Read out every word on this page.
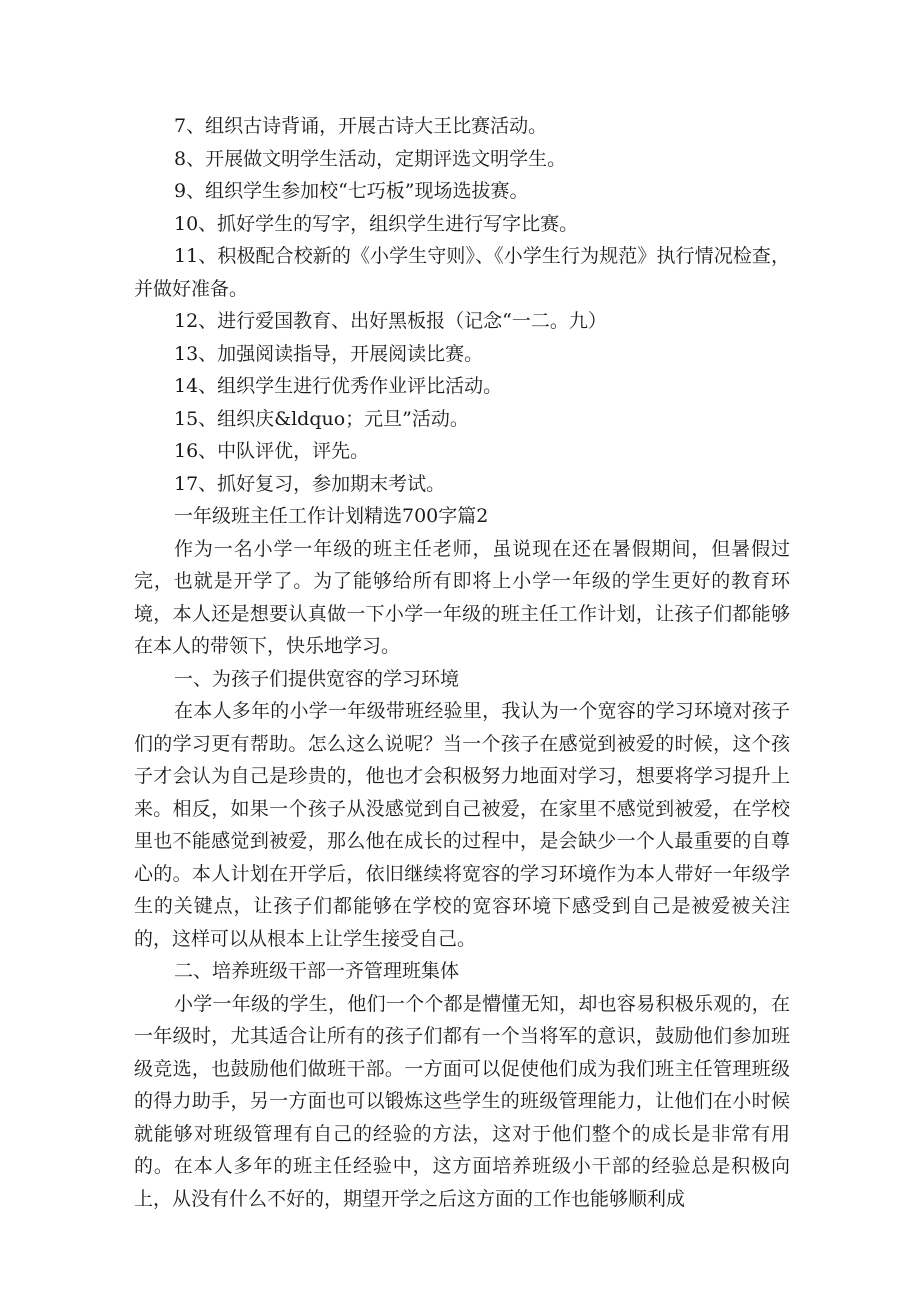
7、组织古诗背诵，开展古诗大王比赛活动。

8、开展做文明学生活动，定期评选文明学生。

9、组织学生参加校“七巧板”现场选拔赛。

10、抓好学生的写字，组织学生进行写字比赛。

11、积极配合校新的《小学生守则》、《小学生行为规范》执行情况检查，并做好准备。

12、进行爱国教育、出好黑板报（记念“一二。九）

13、加强阅读指导，开展阅读比赛。

14、组织学生进行优秀作业评比活动。

15、组织庆&ldquo；元旦”活动。

16、中队评优，评先。

17、抓好复习，参加期末考试。

一年级班主任工作计划精选700字篇2

作为一名小学一年级的班主任老师，虽说现在还在暑假期间，但暑假过完，也就是开学了。为了能够给所有即将上小学一年级的学生更好的教育环境，本人还是想要认真做一下小学一年级的班主任工作计划，让孩子们都能够在本人的带领下，快乐地学习。

一、为孩子们提供宽容的学习环境

在本人多年的小学一年级带班经验里，我认为一个宽容的学习环境对孩子们的学习更有帮助。怎么这么说呢？当一个孩子在感觉到被爱的时候，这个孩子才会认为自己是珍贵的，他也才会积极努力地面对学习，想要将学习提升上来。相反，如果一个孩子从没感觉到自己被爱，在家里不感觉到被爱，在学校里也不能感觉到被爱，那么他在成长的过程中，是会缺少一个人最重要的自尊心的。本人计划在开学后，依旧继续将宽容的学习环境作为本人带好一年级学生的关键点，让孩子们都能够在学校的宽容环境下感受到自己是被爱被关注的，这样可以从根本上让学生接受自己。

二、培养班级干部一齐管理班集体

小学一年级的学生，他们一个个都是懵懂无知，却也容易积极乐观的，在一年级时，尤其适合让所有的孩子们都有一个当将军的意识，鼓励他们参加班级竞选，也鼓励他们做班干部。一方面可以促使他们成为我们班主任管理班级的得力助手，另一方面也可以锻炼这些学生的班级管理能力，让他们在小时候就能够对班级管理有自己的经验的方法，这对于他们整个的成长是非常有用的。在本人多年的班主任经验中，这方面培养班级小干部的经验总是积极向上，从没有什么不好的，期望开学之后这方面的工作也能够顺利成
